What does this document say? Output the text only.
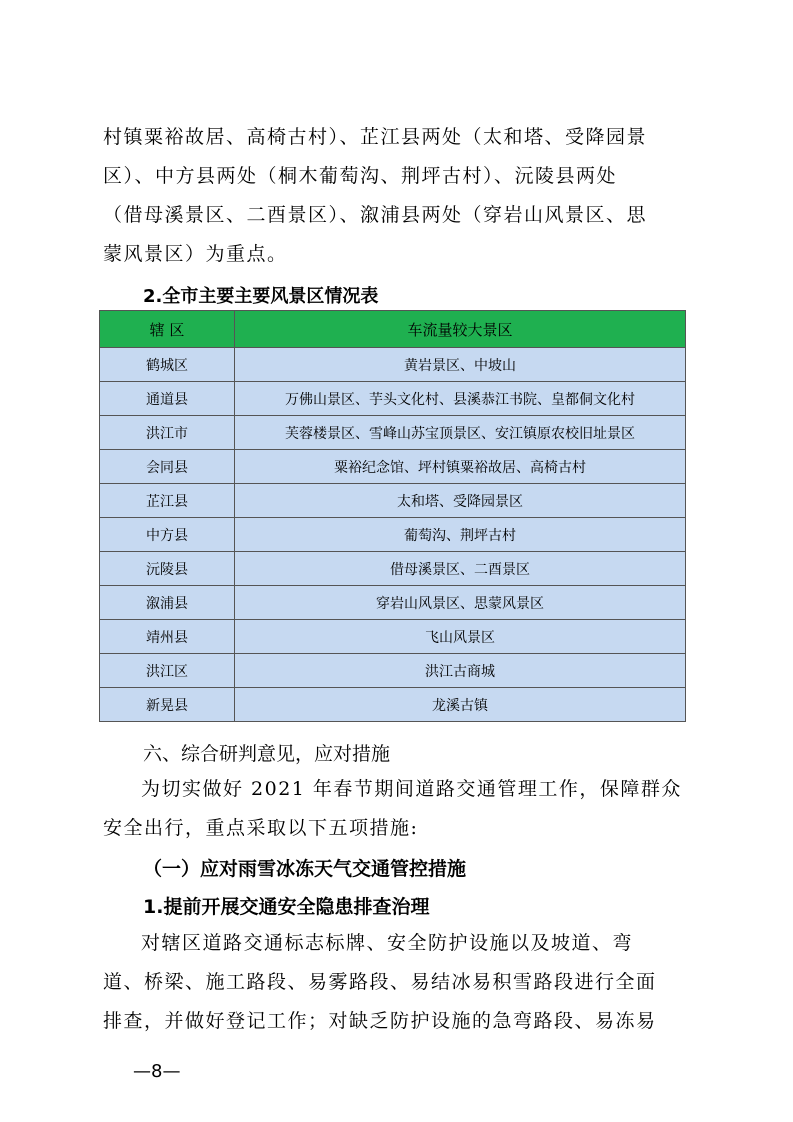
村镇粟裕故居、高椅古村）、芷江县两处（太和塔、受降园景
区）、中方县两处（桐木葡萄沟、荆坪古村）、沅陵县两处
（借母溪景区、二酉景区）、溆浦县两处（穿岩山风景区、思
蒙风景区）为重点。
2.全市主要主要风景区情况表
辖 区	车流量较大景区
鹤城区	黄岩景区、中坡山
通道县	万佛山景区、芋头文化村、县溪恭江书院、皇都侗文化村
洪江市	芙蓉楼景区、雪峰山苏宝顶景区、安江镇原农校旧址景区
会同县	粟裕纪念馆、坪村镇粟裕故居、高椅古村
芷江县	太和塔、受降园景区
中方县	葡萄沟、荆坪古村
沅陵县	借母溪景区、二酉景区
溆浦县	穿岩山风景区、思蒙风景区
靖州县	飞山风景区
洪江区	洪江古商城
新晃县	龙溪古镇
六、综合研判意见，应对措施
为切实做好 2021 年春节期间道路交通管理工作，保障群众
安全出行，重点采取以下五项措施:
（一）应对雨雪冰冻天气交通管控措施
1.提前开展交通安全隐患排查治理
对辖区道路交通标志标牌、安全防护设施以及坡道、弯
道、桥梁、施工路段、易雾路段、易结冰易积雪路段进行全面
排查，并做好登记工作；对缺乏防护设施的急弯路段、易冻易
—8—
